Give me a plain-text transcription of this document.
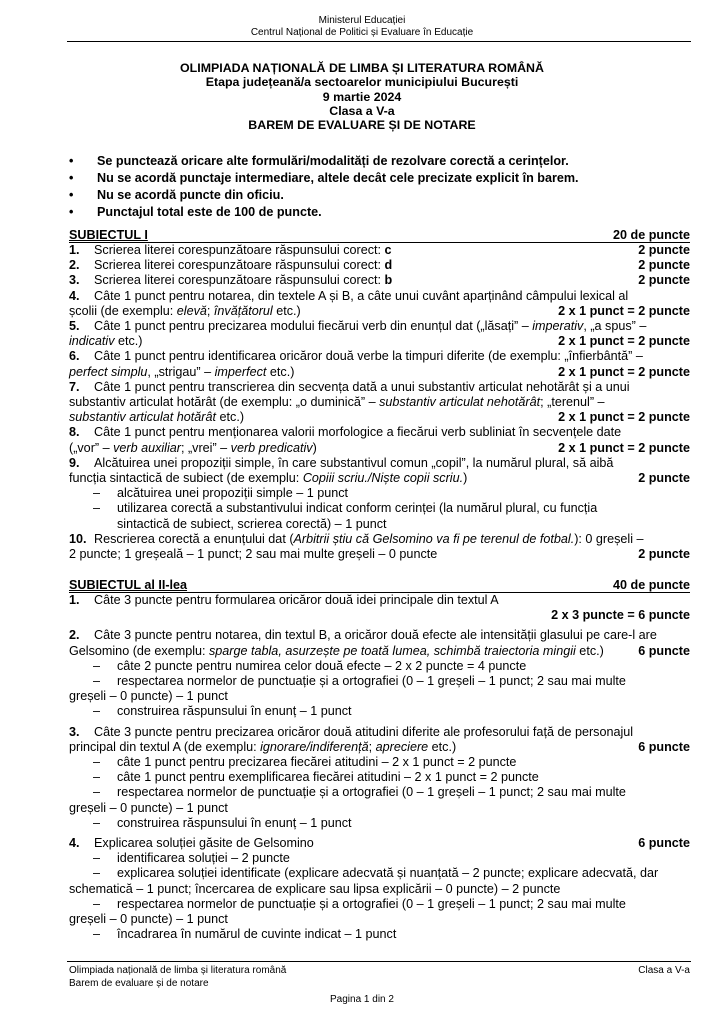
Ministerul Educației
Centrul Național de Politici și Evaluare în Educație
OLIMPIADA NAȚIONALĂ DE LIMBA ȘI LITERATURA ROMÂNĂ
Etapa județeană/a sectoarelor municipiului București
9 martie 2024
Clasa a V-a
BAREM DE EVALUARE ȘI DE NOTARE
• Se punctează oricare alte formulări/modalități de rezolvare corectă a cerințelor.
• Nu se acordă punctaje intermediare, altele decât cele precizate explicit în barem.
• Nu se acordă puncte din oficiu.
• Punctajul total este de 100 de puncte.
SUBIECTUL I	20 de puncte
1. Scrierea literei corespunzătoare răspunsului corect: c	2 puncte
2. Scrierea literei corespunzătoare răspunsului corect: d	2 puncte
3. Scrierea literei corespunzătoare răspunsului corect: b	2 puncte
4. Câte 1 punct pentru notarea, din textele A și B, a câte unui cuvânt aparținând câmpului lexical al
școlii (de exemplu: elevă; învățătorul etc.)	2 x 1 punct = 2 puncte
5. Câte 1 punct pentru precizarea modului fiecărui verb din enunțul dat („lăsați” – imperativ, „a spus” –
indicativ etc.)	2 x 1 punct = 2 puncte
6. Câte 1 punct pentru identificarea oricăror două verbe la timpuri diferite (de exemplu: „înfierbântă” –
perfect simplu, „strigau” – imperfect etc.)	2 x 1 punct = 2 puncte
7. Câte 1 punct pentru transcrierea din secvența dată a unui substantiv articulat nehotărât și a unui
substantiv articulat hotărât (de exemplu: „o duminică” – substantiv articulat nehotărât; „terenul” –
substantiv articulat hotărât etc.)	2 x 1 punct = 2 puncte
8. Câte 1 punct pentru menționarea valorii morfologice a fiecărui verb subliniat în secvențele date
(„vor” – verb auxiliar; „vrei” – verb predicativ)	2 x 1 punct = 2 puncte
9. Alcătuirea unei propoziții simple, în care substantivul comun „copil”, la numărul plural, să aibă
funcția sintactică de subiect (de exemplu: Copiii scriu./Niște copii scriu.)	2 puncte
– alcătuirea unei propoziții simple – 1 punct
– utilizarea corectă a substantivului indicat conform cerinței (la numărul plural, cu funcția
sintactică de subiect, scrierea corectă) – 1 punct
10. Rescrierea corectă a enunțului dat (Arbitrii știu că Gelsomino va fi pe terenul de fotbal.): 0 greșeli –
2 puncte; 1 greșeală – 1 punct; 2 sau mai multe greșeli – 0 puncte	2 puncte
SUBIECTUL al II-lea	40 de puncte
1. Câte 3 puncte pentru formularea oricăror două idei principale din textul A
2 x 3 puncte = 6 puncte
2. Câte 3 puncte pentru notarea, din textul B, a oricăror două efecte ale intensității glasului pe care-l are
Gelsomino (de exemplu: sparge tabla, asurzește pe toată lumea, schimbă traiectoria mingii etc.)	6 puncte
– câte 2 puncte pentru numirea celor două efecte – 2 x 2 puncte = 4 puncte
– respectarea normelor de punctuație și a ortografiei (0 – 1 greșeli – 1 punct; 2 sau mai multe
greșeli – 0 puncte) – 1 punct
– construirea răspunsului în enunț – 1 punct
3. Câte 3 puncte pentru precizarea oricăror două atitudini diferite ale profesorului față de personajul
principal din textul A (de exemplu: ignorare/indiferență; apreciere etc.)	6 puncte
– câte 1 punct pentru precizarea fiecărei atitudini – 2 x 1 punct = 2 puncte
– câte 1 punct pentru exemplificarea fiecărei atitudini – 2 x 1 punct = 2 puncte
– respectarea normelor de punctuație și a ortografiei (0 – 1 greșeli – 1 punct; 2 sau mai multe
greșeli – 0 puncte) – 1 punct
– construirea răspunsului în enunț – 1 punct
4. Explicarea soluției găsite de Gelsomino	6 puncte
– identificarea soluției – 2 puncte
– explicarea soluției identificate (explicare adecvată și nuanțată – 2 puncte; explicare adecvată, dar
schematică – 1 punct; încercarea de explicare sau lipsa explicării – 0 puncte) – 2 puncte
– respectarea normelor de punctuație și a ortografiei (0 – 1 greșeli – 1 punct; 2 sau mai multe
greșeli – 0 puncte) – 1 punct
– încadrarea în numărul de cuvinte indicat – 1 punct
Olimpiada națională de limba și literatura română
Barem de evaluare și de notare
Clasa a V-a
Pagina 1 din 2
